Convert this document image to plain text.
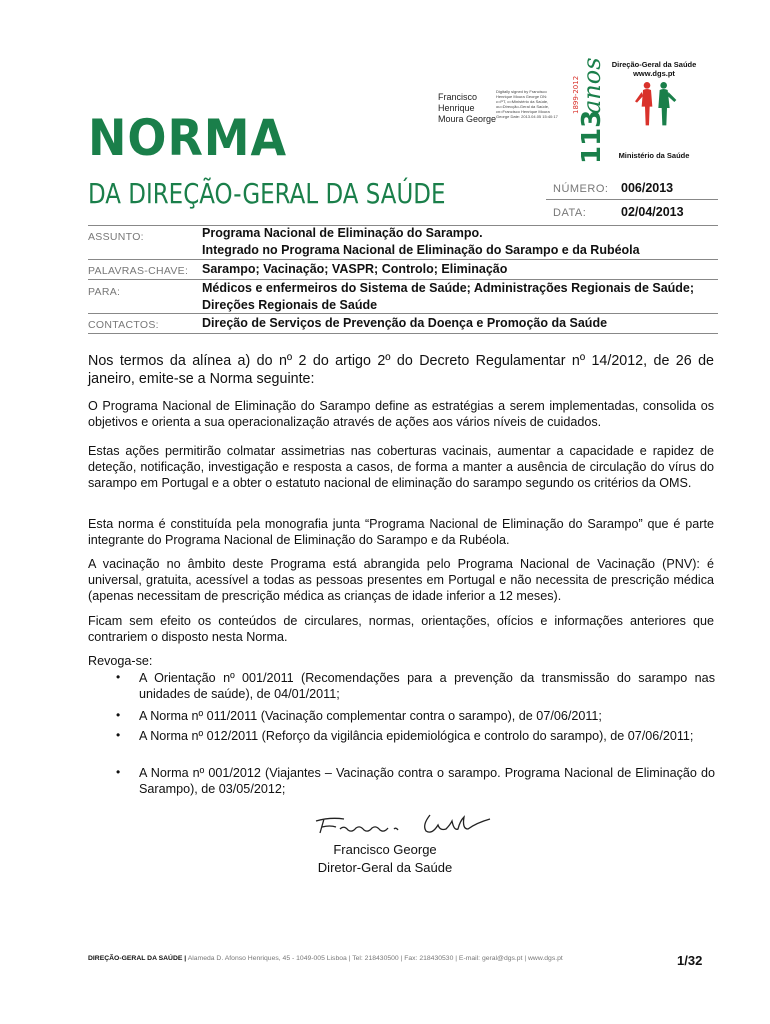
NORMA
DA DIREÇÃO-GERAL DA SAÚDE
Francisco
Henrique
Moura George
Digitally signed by Francisco Henrique Moura George DN: c=PT, o=Ministério da Saúde, ou=Direcção-Geral da Saúde, cn=Francisco Henrique Moura George Date: 2013.04.05 15:40:17 113
anos
1899-2012
Direção-Geral da Saúde
www.dgs.pt
Ministério da Saúde
NÚMERO: 006/2013
DATA:	02/04/2013
ASSUNTO:	Programa Nacional de Eliminação do Sarampo.
Integrado no Programa Nacional de Eliminação do Sarampo e da Rubéola
PALAVRAS-CHAVE: Sarampo; Vacinação; VASPR; Controlo; Eliminação
PARA:	Médicos e enfermeiros do Sistema de Saúde; Administrações Regionais de Saúde;
Direções Regionais de Saúde
CONTACTOS:	Direção de Serviços de Prevenção da Doença e Promoção da Saúde
Nos termos da alínea a) do nº 2 do artigo 2º do Decreto Regulamentar nº 14/2012, de 26 de janeiro, emite-se a Norma seguinte:
O Programa Nacional de Eliminação do Sarampo define as estratégias a serem implementadas, consolida os objetivos e orienta a sua operacionalização através de ações aos vários níveis de cuidados.
Estas ações permitirão colmatar assimetrias nas coberturas vacinais, aumentar a capacidade e rapidez de deteção, notificação, investigação e resposta a casos, de forma a manter a ausência de circulação do vírus do sarampo em Portugal e a obter o estatuto nacional de eliminação do sarampo segundo os critérios da OMS.
Esta norma é constituída pela monografia junta “Programa Nacional de Eliminação do Sarampo” que é parte integrante do Programa Nacional de Eliminação do Sarampo e da Rubéola.
A vacinação no âmbito deste Programa está abrangida pelo Programa Nacional de Vacinação (PNV): é universal, gratuita, acessível a todas as pessoas presentes em Portugal e não necessita de prescrição médica (apenas necessitam de prescrição médica as crianças de idade inferior a 12 meses).
Ficam sem efeito os conteúdos de circulares, normas, orientações, ofícios e informações anteriores que contrariem o disposto nesta Norma.
Revoga-se:
• A Orientação nº 001/2011 (Recomendações para a prevenção da transmissão do sarampo nas unidades de saúde), de 04/01/2011;
• A Norma nº 011/2011 (Vacinação complementar contra o sarampo), de 07/06/2011;
• A Norma nº 012/2011 (Reforço da vigilância epidemiológica e controlo do sarampo), de 07/06/2011;
• A Norma nº 001/2012 (Viajantes – Vacinação contra o sarampo. Programa Nacional de Eliminação do Sarampo), de 03/05/2012;
Francisco George
Diretor-Geral da Saúde
DIREÇÃO-GERAL DA SAÚDE | Alameda D. Afonso Henriques, 45 - 1049-005 Lisboa | Tel: 218430500 | Fax: 218430530 | E-mail: geral@dgs.pt | www.dgs.pt	1/32
